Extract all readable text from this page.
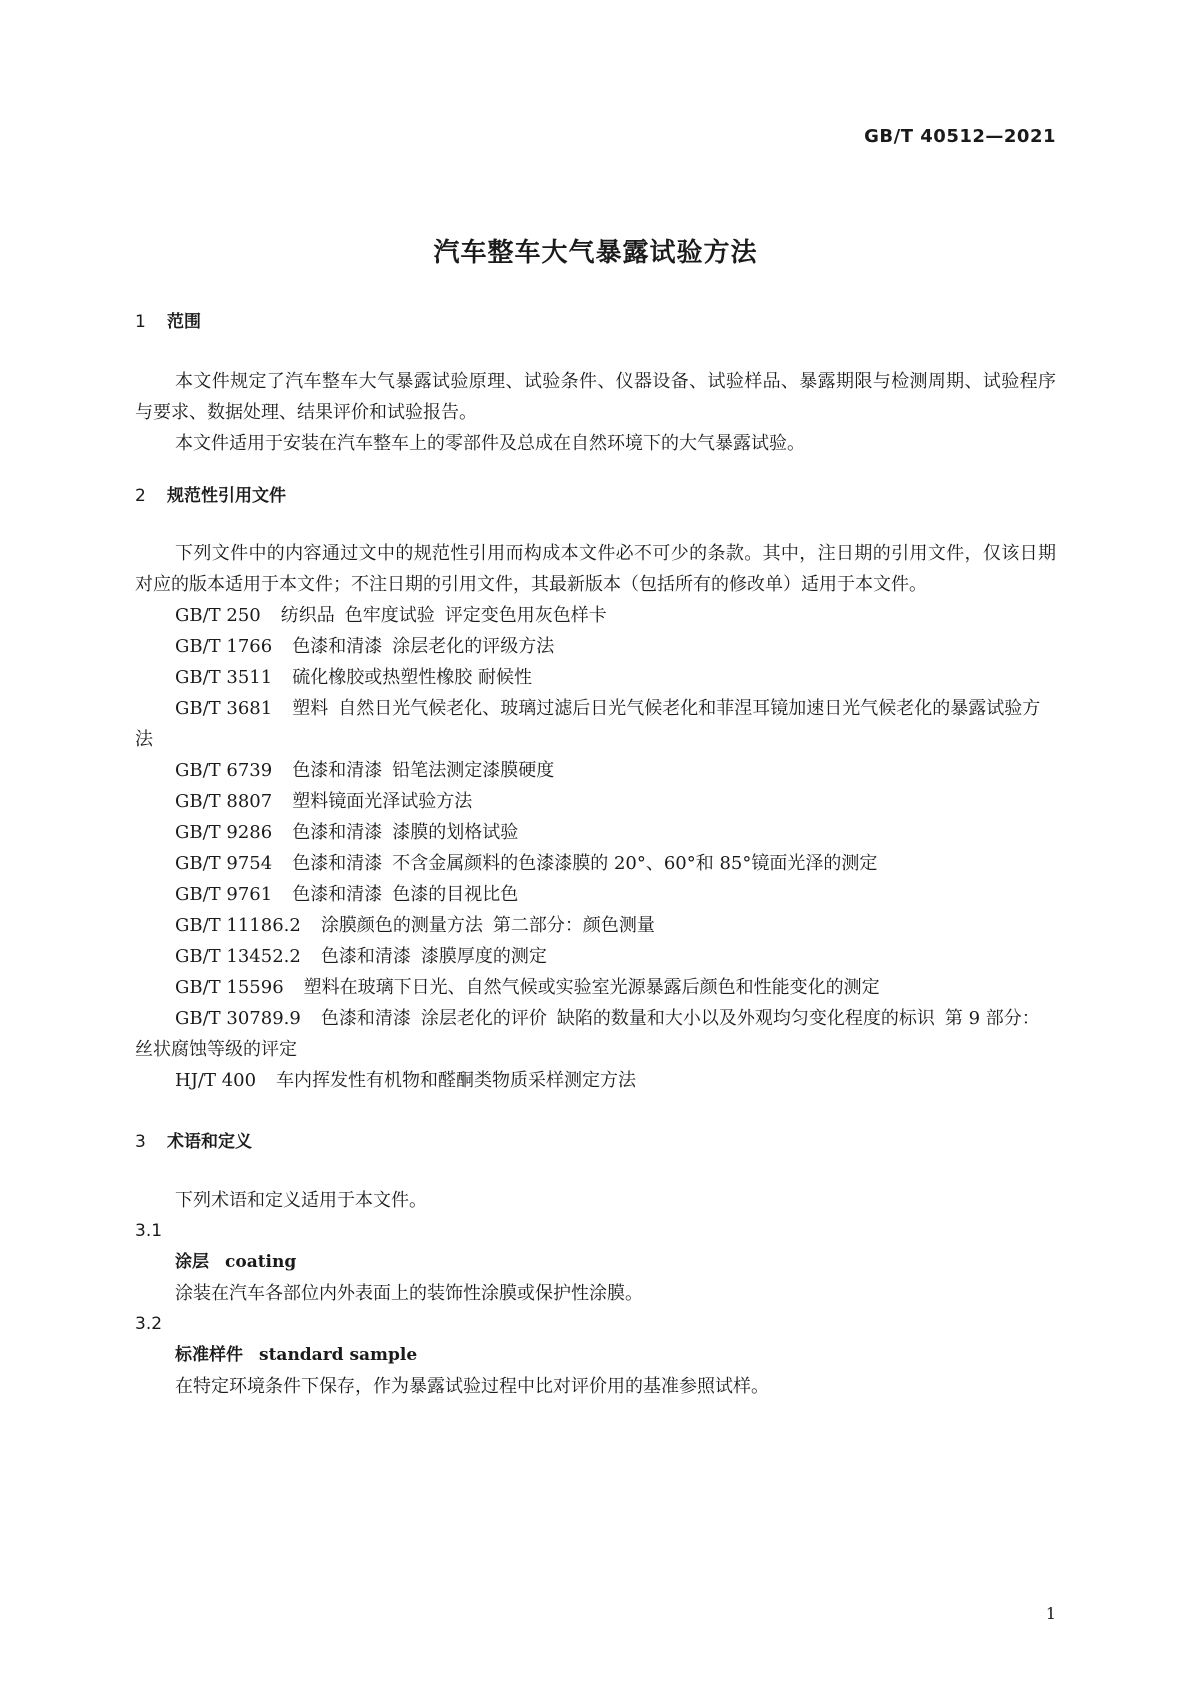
GB/T 40512—2021
汽车整车大气暴露试验方法
1 范围

本文件规定了汽车整车大气暴露试验原理、试验条件、仪器设备、试验样品、暴露期限与检测周期、试验程序与要求、数据处理、结果评价和试验报告。

本文件适用于安装在汽车整车上的零部件及总成在自然环境下的大气暴露试验。

2 规范性引用文件

下列文件中的内容通过文中的规范性引用而构成本文件必不可少的条款。其中，注日期的引用文件，仅该日期对应的版本适用于本文件；不注日期的引用文件，其最新版本（包括所有的修改单）适用于本文件。

GB/T 250 纺织品 色牢度试验 评定变色用灰色样卡

GB/T 1766 色漆和清漆 涂层老化的评级方法

GB/T 3511 硫化橡胶或热塑性橡胶 耐候性

GB/T 3681 塑料 自然日光气候老化、玻璃过滤后日光气候老化和菲涅耳镜加速日光气候老化的暴露试验方法

GB/T 6739 色漆和清漆 铅笔法测定漆膜硬度

GB/T 8807 塑料镜面光泽试验方法

GB/T 9286 色漆和清漆 漆膜的划格试验

GB/T 9754 色漆和清漆 不含金属颜料的色漆漆膜的 20°、60°和 85°镜面光泽的测定

GB/T 9761 色漆和清漆 色漆的目视比色

GB/T 11186.2 涂膜颜色的测量方法 第二部分：颜色测量

GB/T 13452.2 色漆和清漆 漆膜厚度的测定

GB/T 15596 塑料在玻璃下日光、自然气候或实验室光源暴露后颜色和性能变化的测定

GB/T 30789.9 色漆和清漆 涂层老化的评价 缺陷的数量和大小以及外观均匀变化程度的标识 第 9 部分：丝状腐蚀等级的评定

HJ/T 400 车内挥发性有机物和醛酮类物质采样测定方法

3 术语和定义

下列术语和定义适用于本文件。

3.1

涂层 coating

涂装在汽车各部位内外表面上的装饰性涂膜或保护性涂膜。

3.2

标准样件 standard sample

在特定环境条件下保存，作为暴露试验过程中比对评价用的基准参照试样。

1
